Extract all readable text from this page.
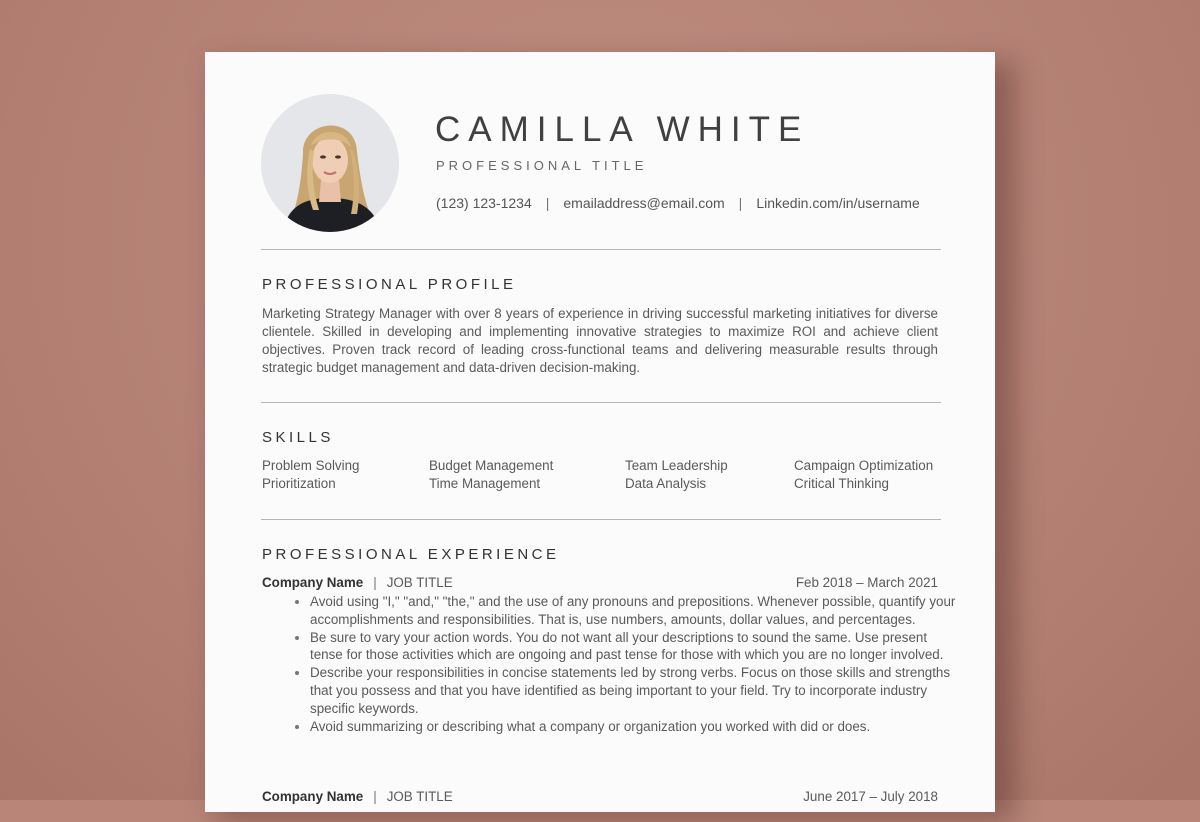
CAMILLA WHITE
PROFESSIONAL TITLE
(123) 123-1234 | emailaddress@email.com | Linkedin.com/in/username
PROFESSIONAL PROFILE
Marketing Strategy Manager with over 8 years of experience in driving successful marketing initiatives for diverse clientele. Skilled in developing and implementing innovative strategies to maximize ROI and achieve client objectives. Proven track record of leading cross-functional teams and delivering measurable results through strategic budget management and data-driven decision-making.
SKILLS
Problem Solving
Prioritization
Budget Management
Time Management
Team Leadership
Data Analysis
Campaign Optimization
Critical Thinking
PROFESSIONAL EXPERIENCE
Company Name | JOB TITLE	Feb 2018 – March 2021
• Avoid using "I," "and," "the," and the use of any pronouns and prepositions. Whenever possible, quantify your accomplishments and responsibilities. That is, use numbers, amounts, dollar values, and percentages.
• Be sure to vary your action words. You do not want all your descriptions to sound the same. Use present tense for those activities which are ongoing and past tense for those with which you are no longer involved.
• Describe your responsibilities in concise statements led by strong verbs. Focus on those skills and strengths that you possess and that you have identified as being important to your field. Try to incorporate industry specific keywords.
• Avoid summarizing or describing what a company or organization you worked with did or does.
Company Name | JOB TITLE	June 2017 – July 2018
